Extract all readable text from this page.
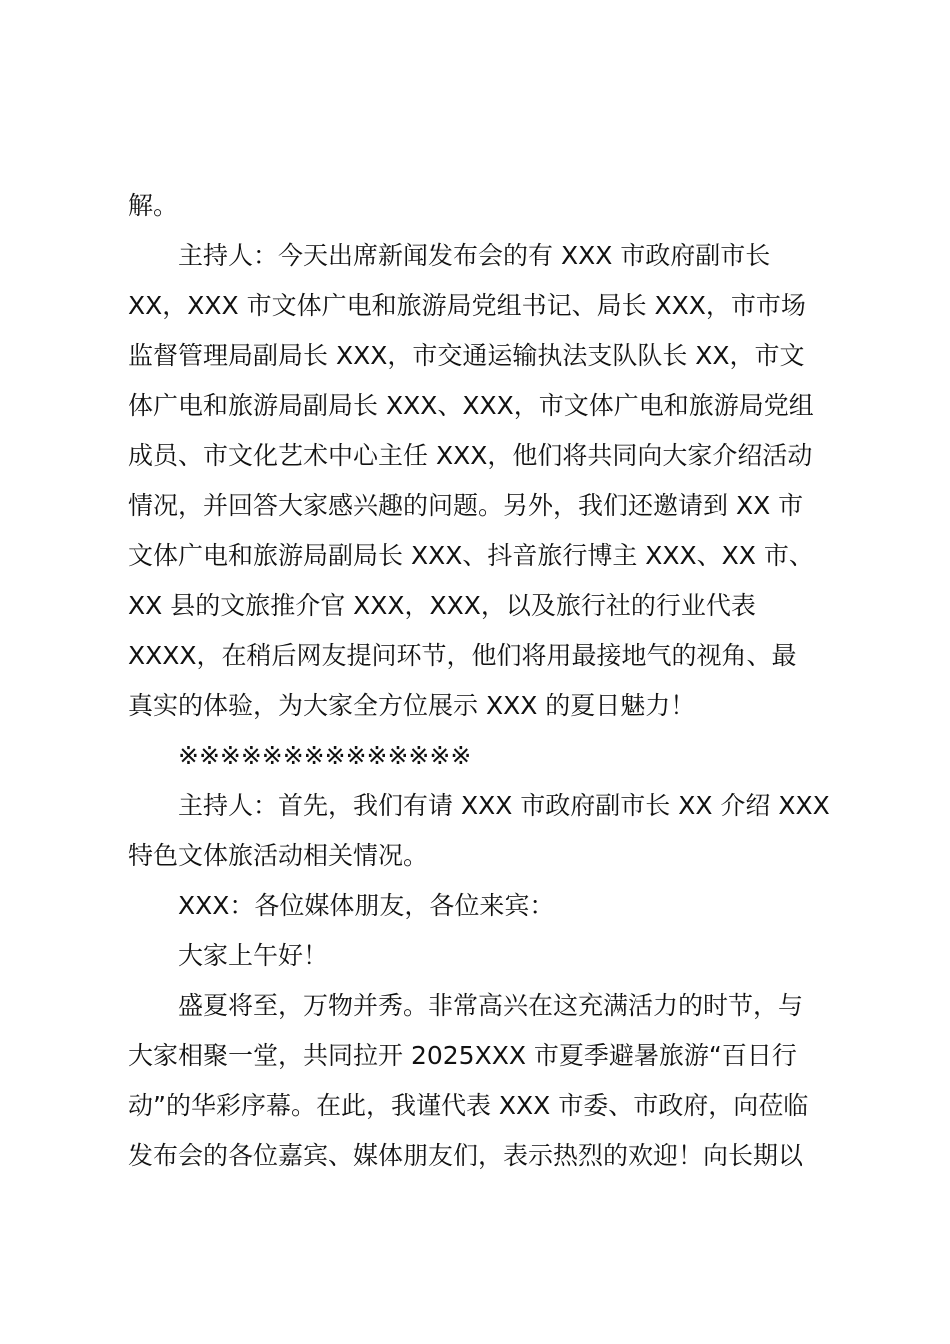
解。
主持人：今天出席新闻发布会的有 XXX 市政府副市长
XX，XXX 市文体广电和旅游局党组书记、局长 XXX，市市场
监督管理局副局长 XXX，市交通运输执法支队队长 XX，市文
体广电和旅游局副局长 XXX、XXX，市文体广电和旅游局党组
成员、市文化艺术中心主任 XXX，他们将共同向大家介绍活动
情况，并回答大家感兴趣的问题。另外，我们还邀请到 XX 市
文体广电和旅游局副局长 XXX、抖音旅行博主 XXX、XX 市、
XX 县的文旅推介官 XXX，XXX，以及旅行社的行业代表
XXXX，在稍后网友提问环节，他们将用最接地气的视角、最
真实的体验，为大家全方位展示 XXX 的夏日魅力！
※※※※※※※※※※※※※※
主持人：首先，我们有请 XXX 市政府副市长 XX 介绍 XXX
特色文体旅活动相关情况。
XXX：各位媒体朋友，各位来宾：
大家上午好！
盛夏将至，万物并秀。非常高兴在这充满活力的时节，与
大家相聚一堂，共同拉开 2025XXX 市夏季避暑旅游“百日行
动”的华彩序幕。在此，我谨代表 XXX 市委、市政府，向莅临
发布会的各位嘉宾、媒体朋友们，表示热烈的欢迎！向长期以
